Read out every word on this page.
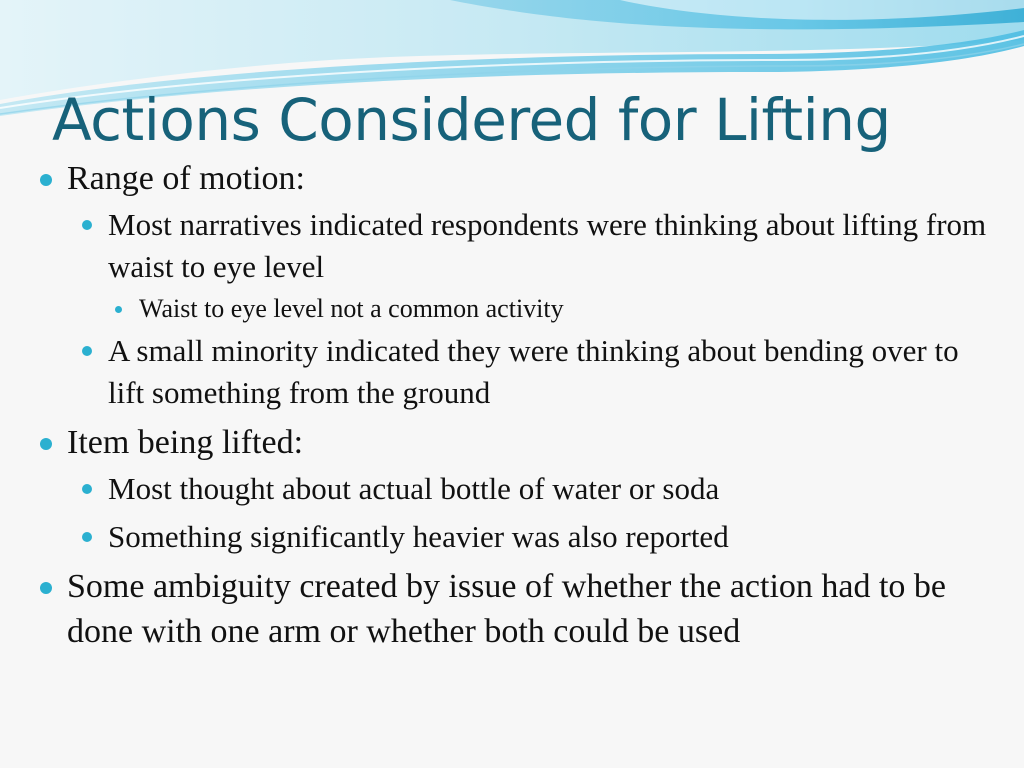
Actions Considered for Lifting
Range of motion:
Most narratives indicated respondents were thinking about lifting from waist to eye level
Waist to eye level not a common activity
A small minority indicated they were thinking about bending over to lift something from the ground
Item being lifted:
Most thought about actual bottle of water or soda
Something significantly heavier was also reported
Some ambiguity created by issue of whether the action had to be done with one arm or whether both could be used
